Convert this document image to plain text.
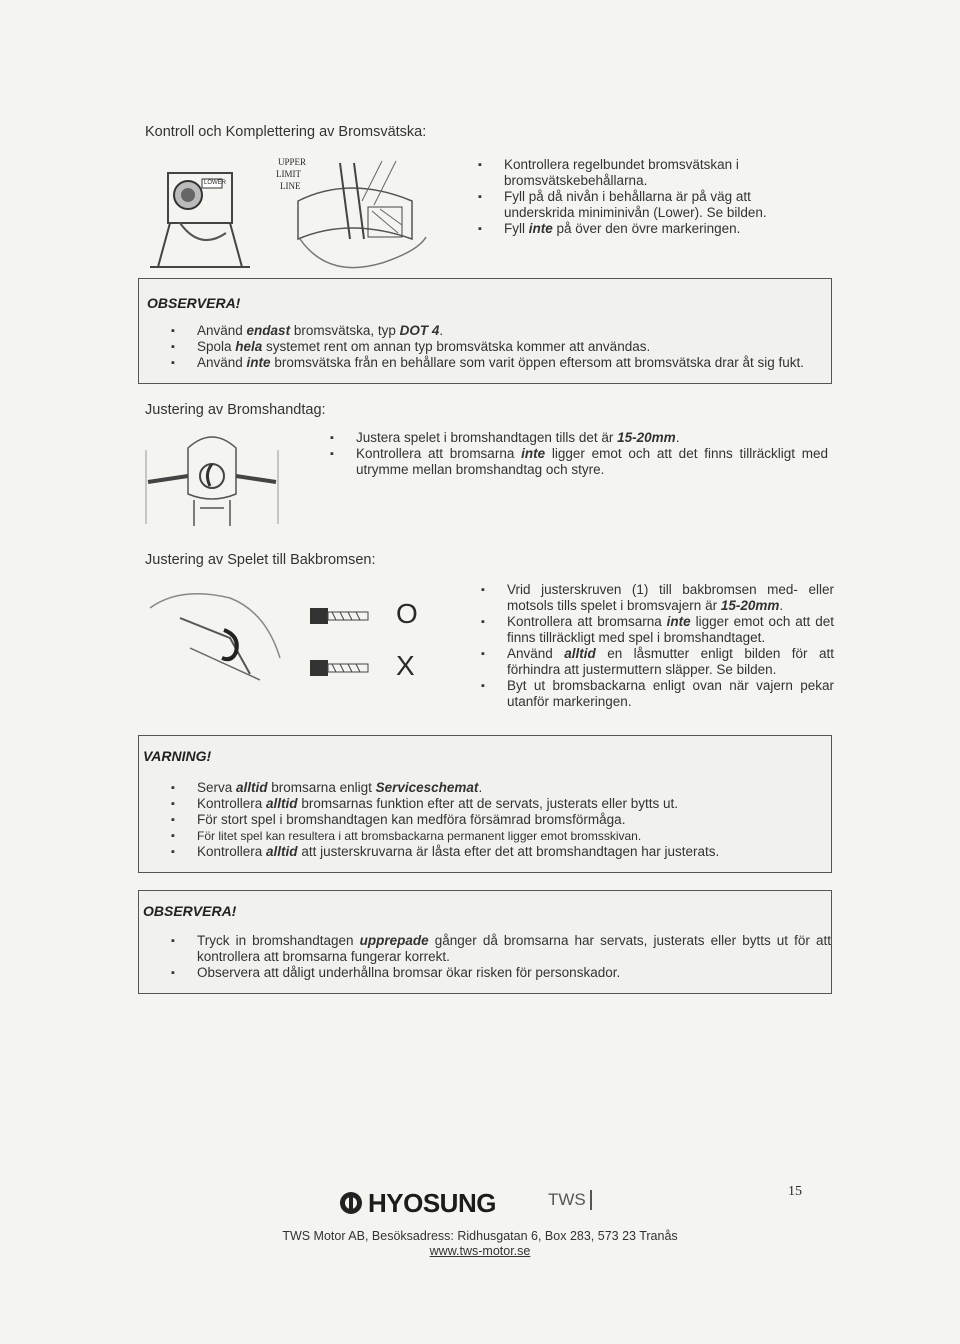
Kontroll och Komplettering av Bromsvätska:
UPPER
LIMIT
LINE
LOWER
▪ Kontrollera regelbundet bromsvätskan i bromsvätskebehållarna.
▪ Fyll på då nivån i behållarna är på väg att underskrida miniminivån (Lower). Se bilden.
▪ Fyll inte på över den övre markeringen.
OBSERVERA!
▪ Använd endast bromsvätska, typ DOT 4.
▪ Spola hela systemet rent om annan typ bromsvätska kommer att användas.
▪ Använd inte bromsvätska från en behållare som varit öppen eftersom att bromsvätska drar åt sig fukt.
Justering av Bromshandtag:
▪ Justera spelet i bromshandtagen tills det är 15-20mm.
▪ Kontrollera att bromsarna inte ligger emot och att det finns tillräckligt med utrymme mellan bromshandtag och styre.
Justering av Spelet till Bakbromsen:
O
X
▪ Vrid justerskruven (1) till bakbromsen med- eller motsols tills spelet i bromsvajern är 15-20mm.
▪ Kontrollera att bromsarna inte ligger emot och att det finns tillräckligt med spel i bromshandtaget.
▪ Använd alltid en låsmutter enligt bilden för att förhindra att justermuttern släpper. Se bilden.
▪ Byt ut bromsbackarna enligt ovan när vajern pekar utanför markeringen.
VARNING!
▪ Serva alltid bromsarna enligt Serviceschemat.
▪ Kontrollera alltid bromsarnas funktion efter att de servats, justerats eller bytts ut.
▪ För stort spel i bromshandtagen kan medföra försämrad bromsförmåga.
▪ För litet spel kan resultera i att bromsbackarna permanent ligger emot bromsskivan.
▪ Kontrollera alltid att justerskruvarna är låsta efter det att bromshandtagen har justerats.
OBSERVERA!
▪ Tryck in bromshandtagen upprepade gånger då bromsarna har servats, justerats eller bytts ut för att kontrollera att bromsarna fungerar korrekt.
▪ Observera att dåligt underhållna bromsar ökar risken för personskador.
HYOSUNG	TWS	15
TWS Motor AB, Besöksadress: Ridhusgatan 6, Box 283, 573 23 Tranås
www.tws-motor.se
